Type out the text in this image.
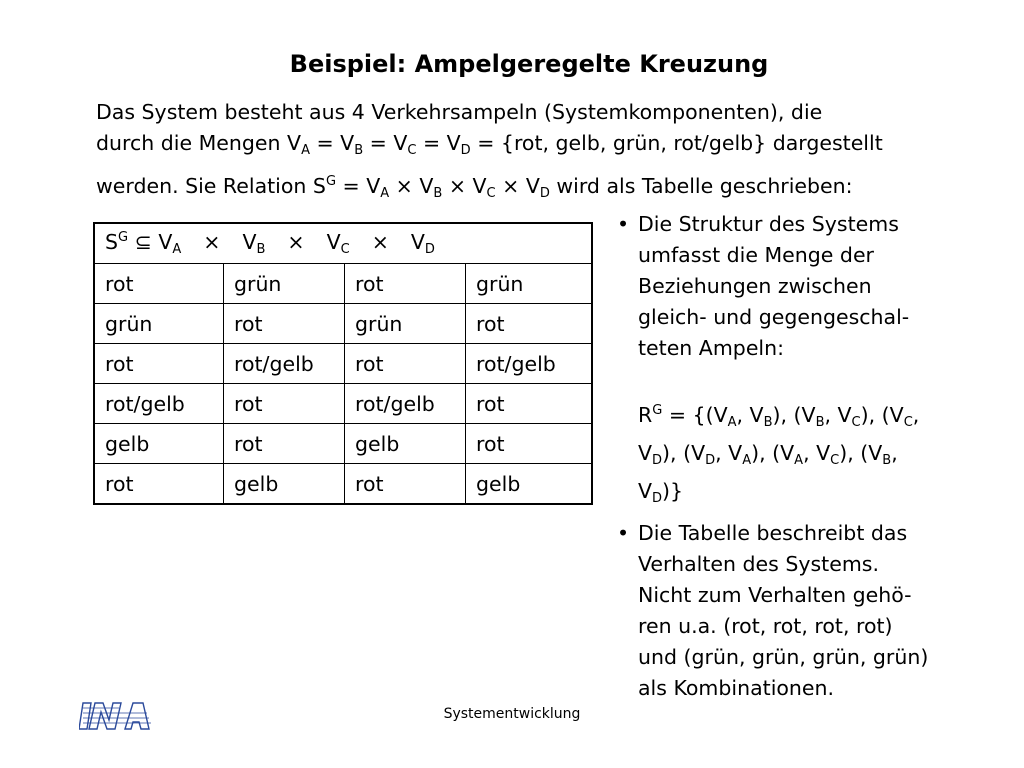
Beispiel: Ampelgeregelte Kreuzung

Das System besteht aus 4 Verkehrsampeln (Systemkomponenten), die

durch die Mengen VA = VB = VC = VD = {rot, gelb, grün, rot/gelb} dargestellt

werden. Sie Relation $S^G$ = VA × VB × VC × VD wird als Tabelle geschrieben:

$S^G$ ⊆ VA × VB × VC × VD			
rot	grün	rot	grün
grün	rot	grün	rot
rot	rot/gelb	rot	rot/gelb
rot/gelb	rot	rot/gelb	rot
gelb	rot	gelb	rot
rot	gelb	rot	gelb
• Die Struktur des Systems

umfasst die Menge der

Beziehungen zwischen

gleich- und gegengeschal-

teten Ampeln:

$R^G = \{(VA$, VB), (VB, VC), (VC,

VD), (VD, VA), (VA, VC), (VB,

VD)}

• Die Tabelle beschreibt das

Verhalten des Systems.

Nicht zum Verhalten gehö-

ren u.a. (rot, rot, rot, rot)

und (grün, grün, grün, grün)

als Kombinationen.

Systementwicklung
